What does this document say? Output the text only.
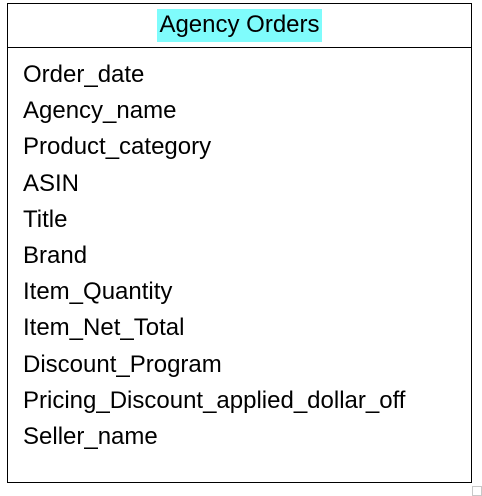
Agency Orders
Order_date
Agency_name
Product_category
ASIN
Title
Brand
Item_Quantity
Item_Net_Total
Discount_Program
Pricing_Discount_applied_dollar_off
Seller_name
